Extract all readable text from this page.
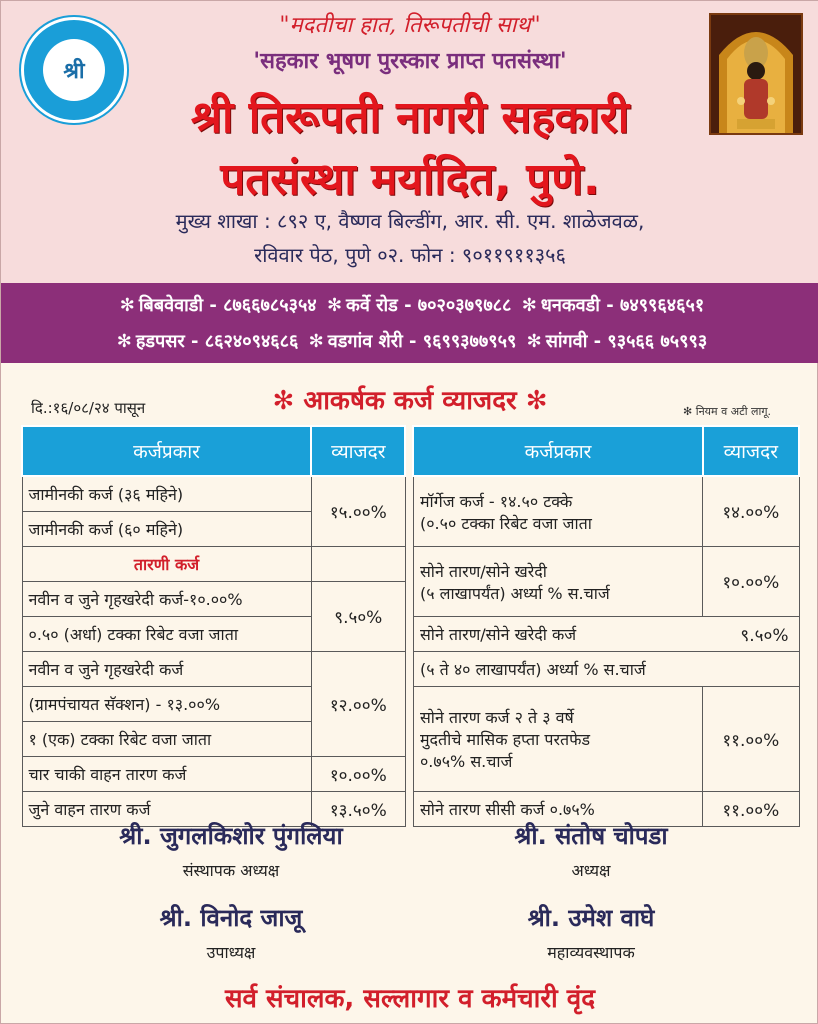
श्री
"मदतीचा हात, तिरूपतीची साथ"
'सहकार भूषण पुरस्कार प्राप्त पतसंस्था'
श्री तिरूपती नागरी सहकारी
पतसंस्था मर्यादित, पुणे.
मुख्य शाखा : ८९२ ए, वैष्णव बिल्डींग, आर. सी. एम. शाळेजवळ,
रविवार पेठ, पुणे ०२. फोन : ९०११९११३५६
✻ बिबवेवाडी - ८७६६७८५३५४ ✻ कर्वे रोड - ७०२०३७९७८८ ✻ धनकवडी - ७४९९६४६५१
✻ हडपसर - ८६२४०९४६८६ ✻ वडगांव शेरी - ९६९९३७७९५९ ✻ सांगवी - ९३५६६ ७५९९३
दि.:१६/०८/२४ पासून	✻ आकर्षक कर्ज व्याजदर ✻	✻ नियम व अटी लागू.
कर्जप्रकार	व्याजदर		कर्जप्रकार	व्याजदर
जामीनकी कर्ज (३६ महिने)	१५.००%		मॉर्गेज कर्ज - १४.५० टक्के
(०.५० टक्का रिबेट वजा जाता	१४.००%
जामीनकी कर्ज (६० महिने)				
तारणी कर्ज			सोने तारण/सोने खरेदी
(५ लाखापर्यंत) अर्ध्या % स.चार्ज	१०.००%
नवीन व जुने गृहखरेदी कर्ज-१०.००%	९.५०%			
०.५० (अर्धा) टक्का रिबेट वजा जाता			सोने तारण/सोने खरेदी कर्ज ९.५०%	

नवीन व जुने गृहखरेदी कर्ज	१२.००%		(५ ते ४० लाखापर्यंत) अर्ध्या % स.चार्ज	
(ग्रामपंचायत सॅक्शन) - १३.००%			सोने तारण कर्ज २ ते ३ वर्षे
मुदतीचे मासिक हप्ता परतफेड
०.७५% स.चार्ज	११.००%
१ (एक) टक्का रिबेट वजा जाता				
चार चाकी वाहन तारण कर्ज	१०.००%			
जुने वाहन तारण कर्ज	१३.५०%		सोने तारण सीसी कर्ज ०.७५%	११.००%
श्री. जुगलकिशोर पुंगलिया
संस्थापक अध्यक्ष
श्री. संतोष चोपडा
अध्यक्ष
श्री. विनोद जाजू
उपाध्यक्ष
श्री. उमेश वाघे
महाव्यवस्थापक
सर्व संचालक, सल्लागार व कर्मचारी वृंद
